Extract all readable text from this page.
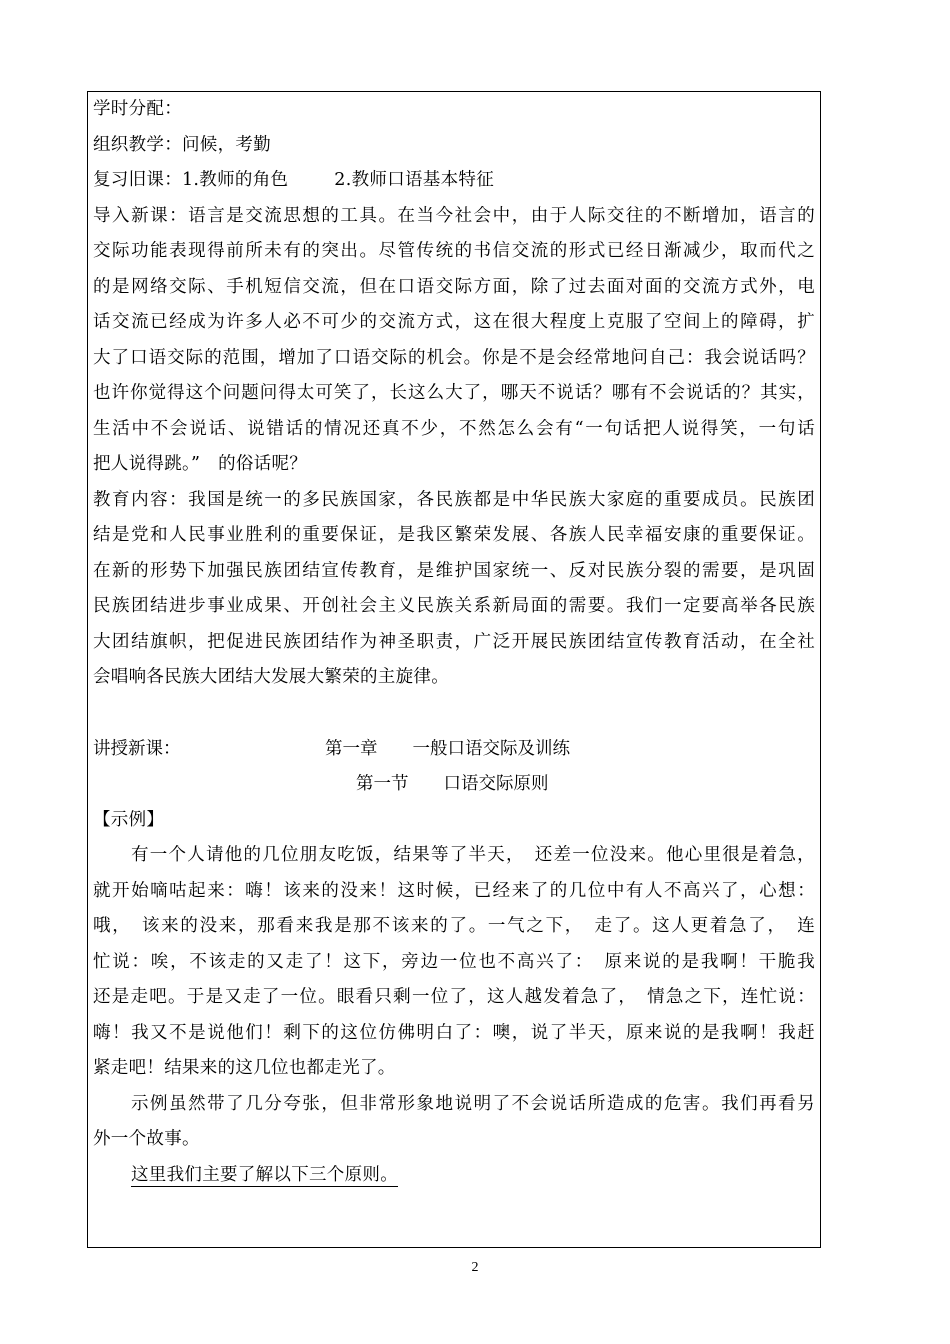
学时分配：
组织教学：问候，考勤
复习旧课：1.教师的角色	2.教师口语基本特征
导入新课：语言是交流思想的工具。在当今社会中，由于人际交往的不断增加，语言的
交际功能表现得前所未有的突出。尽管传统的书信交流的形式已经日渐减少，取而代之
的是网络交际、手机短信交流，但在口语交际方面，除了过去面对面的交流方式外，电
话交流已经成为许多人必不可少的交流方式，这在很大程度上克服了空间上的障碍，扩
大了口语交际的范围，增加了口语交际的机会。你是不是会经常地问自己：我会说话吗？
也许你觉得这个问题问得太可笑了，长这么大了，哪天不说话？哪有不会说话的？其实，
生活中不会说话、说错话的情况还真不少，不然怎么会有“一句话把人说得笑，一句话
把人说得跳。”　的俗话呢？
教育内容：我国是统一的多民族国家，各民族都是中华民族大家庭的重要成员。民族团
结是党和人民事业胜利的重要保证，是我区繁荣发展、各族人民幸福安康的重要保证。
在新的形势下加强民族团结宣传教育，是维护国家统一、反对民族分裂的需要，是巩固
民族团结进步事业成果、开创社会主义民族关系新局面的需要。我们一定要高举各民族
大团结旗帜，把促进民族团结作为神圣职责，广泛开展民族团结宣传教育活动，在全社
会唱响各民族大团结大发展大繁荣的主旋律。
讲授新课：	第一章　　一般口语交际及训练
第一节　　口语交际原则
【示例】
有一个人请他的几位朋友吃饭，结果等了半天，　还差一位没来。他心里很是着急，
就开始嘀咕起来：嗨！该来的没来！这时候，已经来了的几位中有人不高兴了，心想：
哦，　该来的没来，那看来我是那不该来的了。一气之下，　走了。这人更着急了，　连
忙说：唉，不该走的又走了！这下，旁边一位也不高兴了：　原来说的是我啊！干脆我
还是走吧。于是又走了一位。眼看只剩一位了，这人越发着急了，　情急之下，连忙说：
嗨！我又不是说他们！剩下的这位仿佛明白了：噢，说了半天，原来说的是我啊！我赶
紧走吧！结果来的这几位也都走光了。
示例虽然带了几分夸张，但非常形象地说明了不会说话所造成的危害。我们再看另
外一个故事。
这里我们主要了解以下三个原则。
2
